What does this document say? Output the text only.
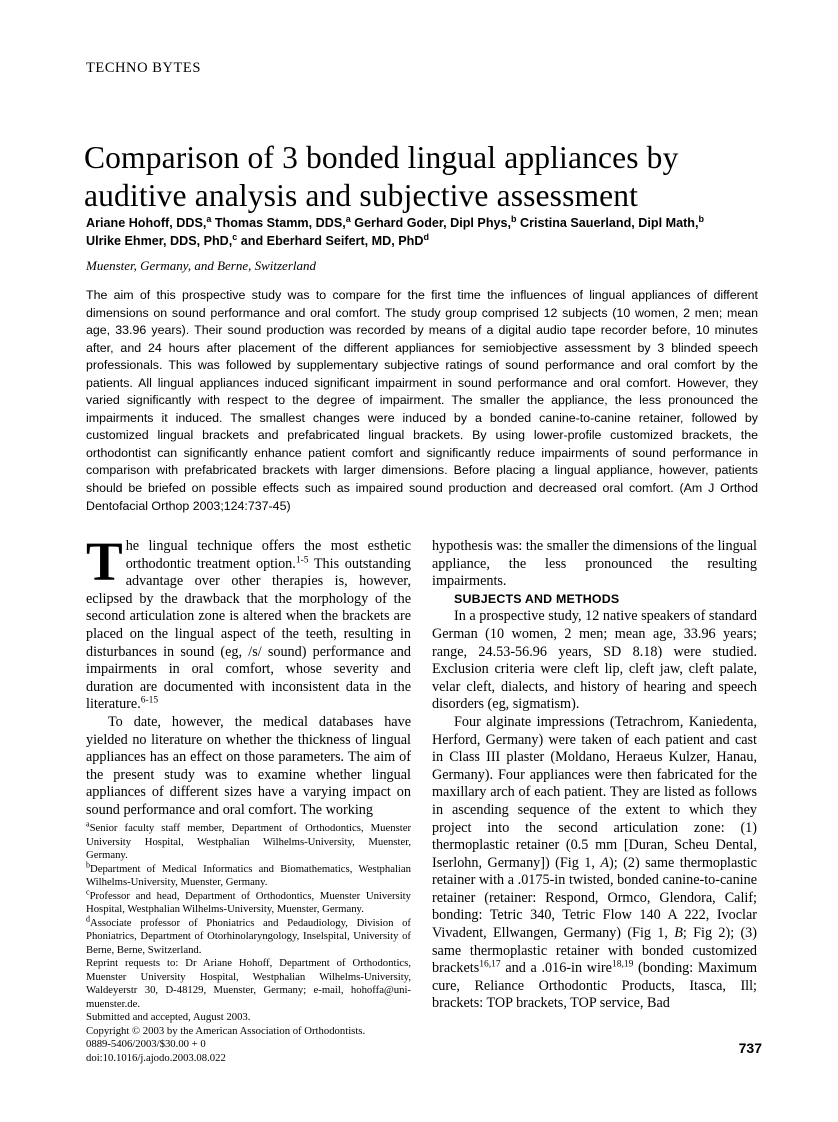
TECHNO BYTES
Comparison of 3 bonded lingual appliances by auditive analysis and subjective assessment
Ariane Hohoff, DDS,$^a$ Thomas Stamm, DDS,$^a$ Gerhard Goder, Dipl Phys,$^b$ Cristina Sauerland, Dipl Math,$^b$
Ulrike Ehmer, DDS, PhD,$^c$ and Eberhard Seifert, MD, PhD$^d$
Muenster, Germany, and Berne, Switzerland
The aim of this prospective study was to compare for the first time the influences of lingual appliances of different dimensions on sound performance and oral comfort. The study group comprised 12 subjects (10 women, 2 men; mean age, 33.96 years). Their sound production was recorded by means of a digital audio tape recorder before, 10 minutes after, and 24 hours after placement of the different appliances for semiobjective assessment by 3 blinded speech professionals. This was followed by supplementary subjective ratings of sound performance and oral comfort by the patients. All lingual appliances induced significant impairment in sound performance and oral comfort. However, they varied significantly with respect to the degree of impairment. The smaller the appliance, the less pronounced the impairments it induced. The smallest changes were induced by a bonded canine-to-canine retainer, followed by customized lingual brackets and prefabricated lingual brackets. By using lower-profile customized brackets, the orthodontist can significantly enhance patient comfort and significantly reduce impairments of sound performance in comparison with prefabricated brackets with larger dimensions. Before placing a lingual appliance, however, patients should be briefed on possible effects such as impaired sound production and decreased oral comfort. (Am J Orthod Dentofacial Orthop 2003;124:737-45)

The lingual technique offers the most esthetic orthodontic treatment option.$^{1-5}$ This outstanding advantage over other therapies is, however, eclipsed by the drawback that the morphology of the second articulation zone is altered when the brackets are placed on the lingual aspect of the teeth, resulting in disturbances in sound (eg, /s/ sound) performance and impairments in oral comfort, whose severity and duration are documented with inconsistent data in the literature.$^{6-15}$

To date, however, the medical databases have yielded no literature on whether the thickness of lingual appliances has an effect on those parameters. The aim of the present study was to examine whether lingual appliances of different sizes have a varying impact on sound performance and oral comfort. The working

hypothesis was: the smaller the dimensions of the lingual appliance, the less pronounced the resulting impairments.

SUBJECTS AND METHODS

In a prospective study, 12 native speakers of standard German (10 women, 2 men; mean age, 33.96 years; range, 24.53-56.96 years, SD 8.18) were studied. Exclusion criteria were cleft lip, cleft jaw, cleft palate, velar cleft, dialects, and history of hearing and speech disorders (eg, sigmatism).

Four alginate impressions (Tetrachrom, Kaniedenta, Herford, Germany) were taken of each patient and cast in Class III plaster (Moldano, Heraeus Kulzer, Hanau, Germany). Four appliances were then fabricated for the maxillary arch of each patient. They are listed as follows in ascending sequence of the extent to which they project into the second articulation zone: (1) thermoplastic retainer (0.5 mm [Duran, Scheu Dental, Iserlohn, Germany]) (Fig 1, A); (2) same thermoplastic retainer with a .0175-in twisted, bonded canine-to-canine retainer (retainer: Respond, Ormco, Glendora, Calif; bonding: Tetric 340, Tetric Flow 140 A 222, Ivoclar Vivadent, Ellwangen, Germany) (Fig 1, B; Fig 2); (3) same thermoplastic retainer with bonded customized brackets$^{16,17}$ and a .016-in wire$^{18,19}$ (bonding: Maximum cure, Reliance Orthodontic Products, Itasca, Ill; brackets: TOP brackets, TOP service, Bad

$^a$Senior faculty staff member, Department of Orthodontics, Muenster University Hospital, Westphalian Wilhelms-University, Muenster, Germany.

$^b$Department of Medical Informatics and Biomathematics, Westphalian Wilhelms-University, Muenster, Germany.

$^c$Professor and head, Department of Orthodontics, Muenster University Hospital, Westphalian Wilhelms-University, Muenster, Germany.

$^d$Associate professor of Phoniatrics and Pedaudiology, Division of Phoniatrics, Department of Otorhinolaryngology, Inselspital, University of Berne, Berne, Switzerland.

Reprint requests to: Dr Ariane Hohoff, Department of Orthodontics, Muenster University Hospital, Westphalian Wilhelms-University, Waldeyerstr 30, D-48129, Muenster, Germany; e-mail, hohoffa@uni-muenster.de.

Submitted and accepted, August 2003.

Copyright © 2003 by the American Association of Orthodontists.

0889-5406/2003/$30.00 + 0

doi:10.1016/j.ajodo.2003.08.022

737
